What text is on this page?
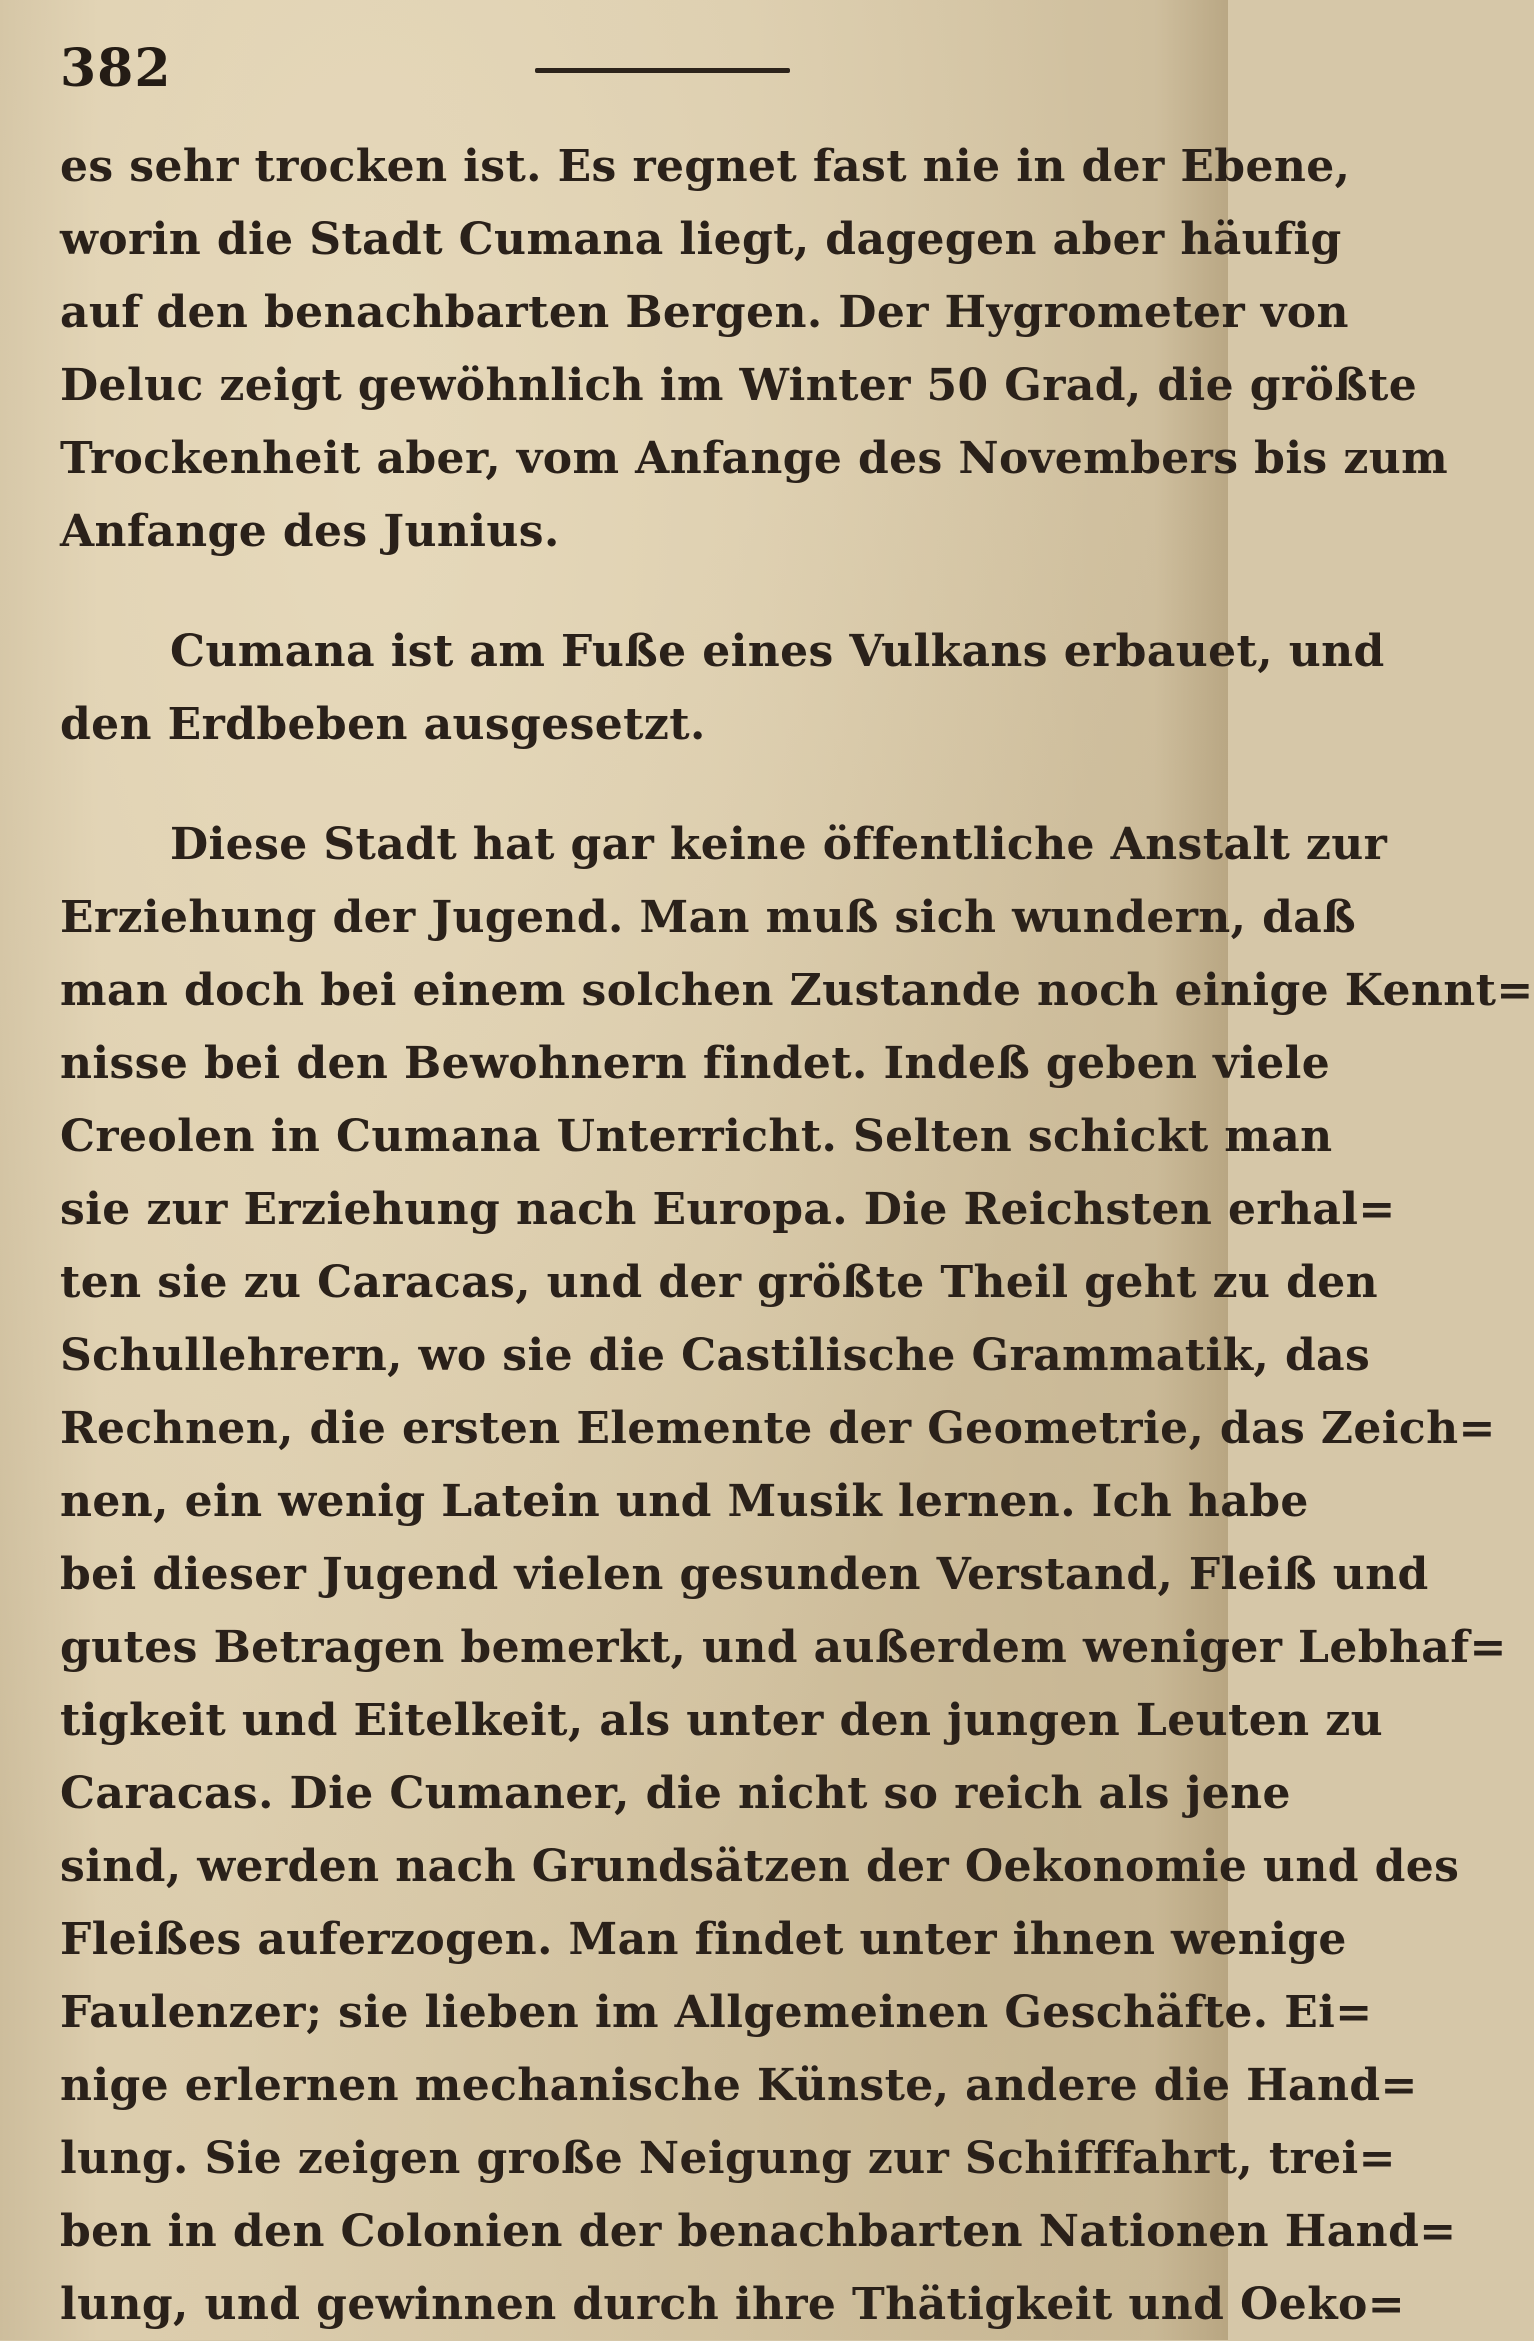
382
es sehr trocken ist. Es regnet fast nie in der Ebene,
worin die Stadt Cumana liegt, dagegen aber häufig
auf den benachbarten Bergen. Der Hygrometer von
Deluc zeigt gewöhnlich im Winter 50 Grad, die größte
Trockenheit aber, vom Anfange des Novembers bis zum
Anfange des Junius.
Cumana ist am Fuße eines Vulkans erbauet, und
den Erdbeben ausgesetzt.
Diese Stadt hat gar keine öffentliche Anstalt zur
Erziehung der Jugend. Man muß sich wundern, daß
man doch bei einem solchen Zustande noch einige Kennt=
nisse bei den Bewohnern findet. Indeß geben viele
Creolen in Cumana Unterricht. Selten schickt man
sie zur Erziehung nach Europa. Die Reichsten erhal=
ten sie zu Caracas, und der größte Theil geht zu den
Schullehrern, wo sie die Castilische Grammatik, das
Rechnen, die ersten Elemente der Geometrie, das Zeich=
nen, ein wenig Latein und Musik lernen. Ich habe
bei dieser Jugend vielen gesunden Verstand, Fleiß und
gutes Betragen bemerkt, und außerdem weniger Lebhaf=
tigkeit und Eitelkeit, als unter den jungen Leuten zu
Caracas. Die Cumaner, die nicht so reich als jene
sind, werden nach Grundsätzen der Oekonomie und des
Fleißes auferzogen. Man findet unter ihnen wenige
Faulenzer; sie lieben im Allgemeinen Geschäfte. Ei=
nige erlernen mechanische Künste, andere die Hand=
lung. Sie zeigen große Neigung zur Schifffahrt, trei=
ben in den Colonien der benachbarten Nationen Hand=
lung, und gewinnen durch ihre Thätigkeit und Oeko=
